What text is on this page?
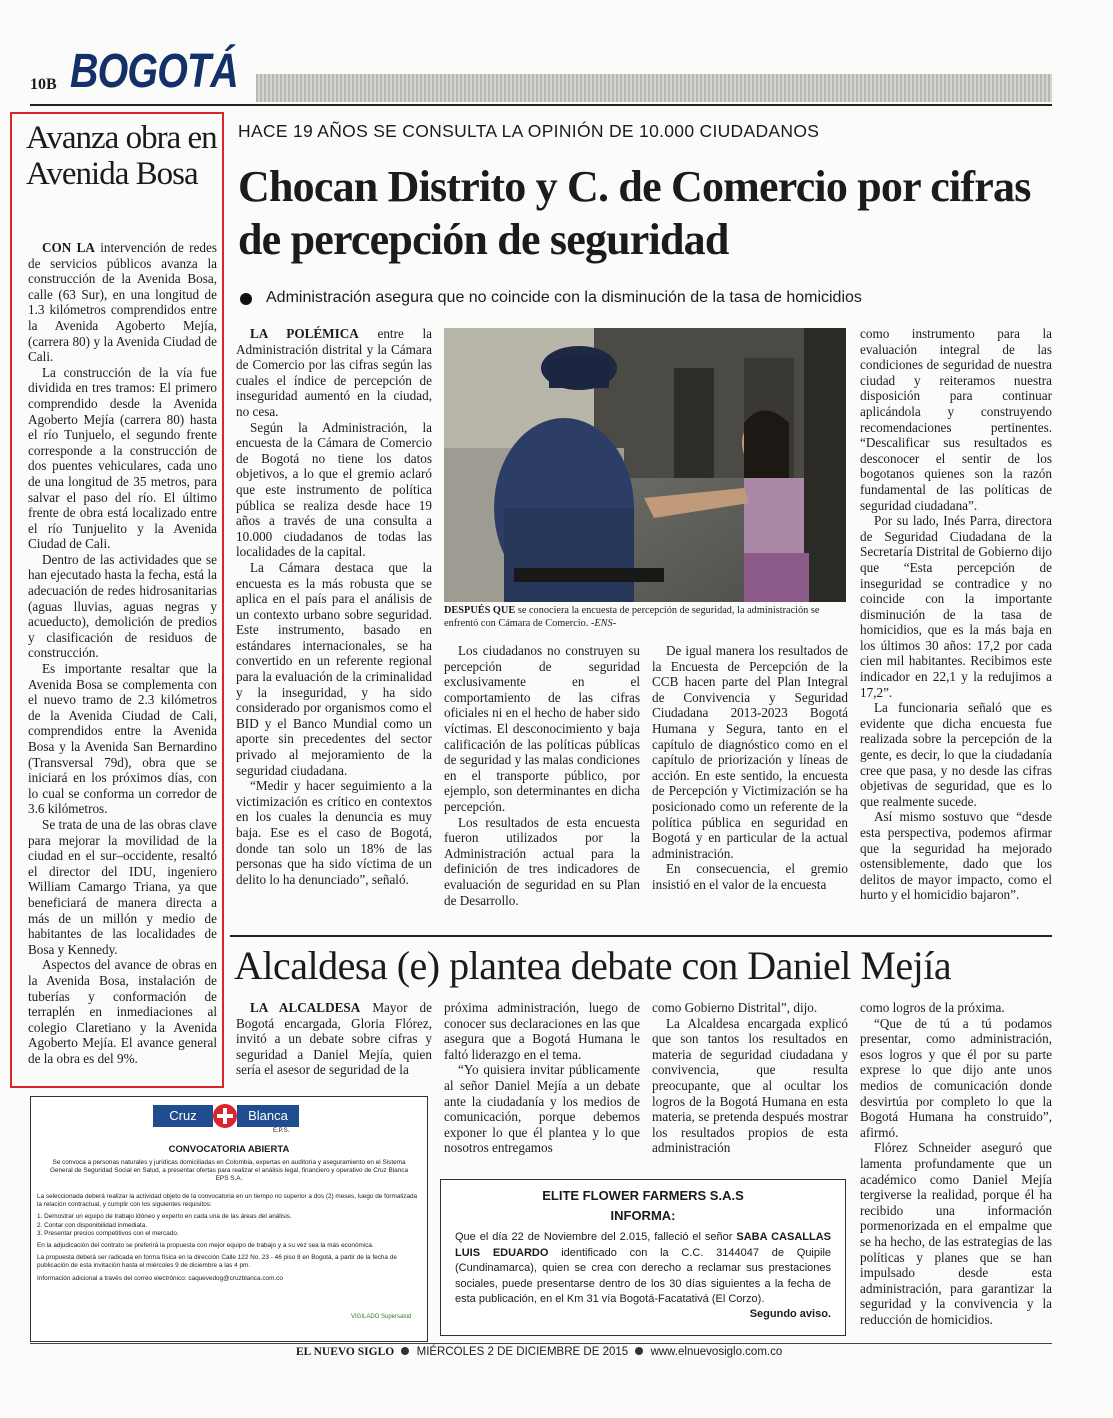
10B BOGOTÁ
Avanza obra en Avenida Bosa

CON LA intervención de redes de servicios públicos avanza la construcción de la Avenida Bosa, calle (63 Sur), en una longitud de 1.3 kilómetros comprendidos entre la Avenida Agoberto Mejía, (carrera 80) y la Avenida Ciudad de Cali.

La construcción de la vía fue dividida en tres tramos: El primero comprendido desde la Avenida Agoberto Mejía (carrera 80) hasta el río Tunjuelo, el segundo frente corresponde a la construcción de dos puentes vehiculares, cada uno de una longitud de 35 metros, para salvar el paso del río. El último frente de obra está localizado entre el río Tunjuelito y la Avenida Ciudad de Cali.

Dentro de las actividades que se han ejecutado hasta la fecha, está la adecuación de redes hidrosanitarias (aguas lluvias, aguas negras y acueducto), demolición de predios y clasificación de residuos de construcción.

Es importante resaltar que la Avenida Bosa se complementa con el nuevo tramo de 2.3 kilómetros de la Avenida Ciudad de Cali, comprendidos entre la Avenida Bosa y la Avenida San Bernardino (Transversal 79d), obra que se iniciará en los próximos días, con lo cual se conforma un corredor de 3.6 kilómetros.

Se trata de una de las obras clave para mejorar la movilidad de la ciudad en el sur–occidente, resaltó el director del IDU, ingeniero William Camargo Triana, ya que beneficiará de manera directa a más de un millón y medio de habitantes de las localidades de Bosa y Kennedy.

Aspectos del avance de obras en la Avenida Bosa, instalación de tuberías y conformación de terraplén en inmediaciones al colegio Claretiano y la Avenida Agoberto Mejía. El avance general de la obra es del 9%.

HACE 19 AÑOS SE CONSULTA LA OPINIÓN DE 10.000 CIUDADANOS
Chocan Distrito y C. de Comercio por cifras de percepción de seguridad
Administración asegura que no coincide con la disminución de la tasa de homicidios

LA POLÉMICA entre la Administración distrital y la Cámara de Comercio por las cifras según las cuales el índice de percepción de inseguridad aumentó en la ciudad, no cesa.

Según la Administración, la encuesta de la Cámara de Comercio de Bogotá no tiene los datos objetivos, a lo que el gremio aclaró que este instrumento de política pública se realiza desde hace 19 años a través de una consulta a 10.000 ciudadanos de todas las localidades de la capital.

La Cámara destaca que la encuesta es la más robusta que se aplica en el país para el análisis de un contexto urbano sobre seguridad. Este instrumento, basado en estándares internacionales, se ha convertido en un referente regional para la evaluación de la criminalidad y la inseguridad, y ha sido considerado por organismos como el BID y el Banco Mundial como un aporte sin precedentes del sector privado al mejoramiento de la seguridad ciudadana.

“Medir y hacer seguimiento a la victimización es crítico en contextos en los cuales la denuncia es muy baja. Ese es el caso de Bogotá, donde tan solo un 18% de las personas que ha sido víctima de un delito lo ha denunciado”, señaló.

DESPUÉS QUE se conociera la encuesta de percepción de seguridad, la administración se enfrentó con Cámara de Comercio. -ENS-

Los ciudadanos no construyen su percepción de seguridad exclusivamente en el comportamiento de las cifras oficiales ni en el hecho de haber sido víctimas. El desconocimiento y baja calificación de las políticas públicas de seguridad y las malas condiciones en el transporte público, por ejemplo, son determinantes en dicha percepción.

Los resultados de esta encuesta fueron utilizados por la Administración actual para la definición de tres indicadores de evaluación de seguridad en su Plan de Desarrollo.

De igual manera los resultados de la Encuesta de Percepción de la CCB hacen parte del Plan Integral de Convivencia y Seguridad Ciudadana 2013-2023 Bogotá Humana y Segura, tanto en el capítulo de diagnóstico como en el capítulo de priorización y líneas de acción. En este sentido, la encuesta de Percepción y Victimización se ha posicionado como un referente de la política pública en seguridad en Bogotá y en particular de la actual administración.

En consecuencia, el gremio insistió en el valor de la encuesta

como instrumento para la evaluación integral de las condiciones de seguridad de nuestra ciudad y reiteramos nuestra disposición para continuar aplicándola y construyendo recomendaciones pertinentes. “Descalificar sus resultados es desconocer el sentir de los bogotanos quienes son la razón fundamental de las políticas de seguridad ciudadana”.

Por su lado, Inés Parra, directora de Seguridad Ciudadana de la Secretaría Distrital de Gobierno dijo que “Esta percepción de inseguridad se contradice y no coincide con la importante disminución de la tasa de homicidios, que es la más baja en los últimos 30 años: 17,2 por cada cien mil habitantes. Recibimos este indicador en 22,1 y la redujimos a 17,2”.

La funcionaria señaló que es evidente que dicha encuesta fue realizada sobre la percepción de la gente, es decir, lo que la ciudadanía cree que pasa, y no desde las cifras objetivas de seguridad, que es lo que realmente sucede.

Así mismo sostuvo que “desde esta perspectiva, podemos afirmar que la seguridad ha mejorado ostensiblemente, dado que los delitos de mayor impacto, como el hurto y el homicidio bajaron”.

Alcaldesa (e) plantea debate con Daniel Mejía

LA ALCALDESA Mayor de Bogotá encargada, Gloria Flórez, invitó a un debate sobre cifras y seguridad a Daniel Mejía, quien sería el asesor de seguridad de la

próxima administración, luego de conocer sus declaraciones en las que asegura que a Bogotá Humana le faltó liderazgo en el tema.

“Yo quisiera invitar públicamente al señor Daniel Mejía a un debate ante la ciudadanía y los medios de comunicación, porque debemos exponer lo que él plantea y lo que nosotros entregamos

como Gobierno Distrital”, dijo.

La Alcaldesa encargada explicó que son tantos los resultados en materia de seguridad ciudadana y convivencia, que resulta preocupante, que al ocultar los logros de la Bogotá Humana en esta materia, se pretenda después mostrar los resultados propios de esta administración

como logros de la próxima.

“Que de tú a tú podamos presentar, como administración, esos logros y que él por su parte exprese lo que dijo ante unos medios de comunicación donde desvirtúa por completo lo que la Bogotá Humana ha construido”, afirmó.

Flórez Schneider aseguró que lamenta profundamente que un académico como Daniel Mejía tergiverse la realidad, porque él ha recibido una información pormenorizada en el empalme que se ha hecho, de las estrategias de las políticas y planes que se han impulsado desde esta administración, para garantizar la seguridad y la convivencia y la reducción de homicidios.

Cruz	Blanca
E.P.S.
CONVOCATORIA ABIERTA
Se convoca a personas naturales y jurídicas domiciliadas en Colombia, expertas en auditoría y aseguramiento en el Sistema General de Seguridad Social en Salud, a presentar ofertas para realizar el análisis legal, financiero y operativo de Cruz Blanca EPS S.A.
La seleccionada deberá realizar la actividad objeto de la convocatoria en un tiempo no superior a dos (2) meses, luego de formalizada la relación contractual, y cumplir con los siguientes requisitos:
1. Demostrar un equipo de trabajo idóneo y experto en cada una de las áreas del análisis.
2. Contar con disponibilidad inmediata.
3. Presentar precios competitivos con el mercado.
En la adjudicación del contrato se preferirá la propuesta con mejor equipo de trabajo y a su vez sea la más económica.
La propuesta deberá ser radicada en forma física en la dirección Calle 122 No. 23 - 46 piso 8 en Bogotá, a partir de la fecha de publicación de esta invitación hasta el miércoles 9 de diciembre a las 4 pm.
Información adicional a través del correo electrónico: caquevedog@cruzblanca.com.co
VIGILADO Supersalud
ELITE FLOWER FARMERS S.A.S
INFORMA:
Que el día 22 de Noviembre del 2.015, falleció el señor SABA CASALLAS LUIS EDUARDO identificado con la C.C. 3144047 de Quipile (Cundinamarca), quien se crea con derecho a reclamar sus prestaciones sociales, puede presentarse dentro de los 30 días siguientes a la fecha de esta publicación, en el Km 31 vía Bogotá-Facatativá (El Corzo).
Segundo aviso.
EL NUEVO SIGLO MIÉRCOLES 2 DE DICIEMBRE DE 2015 www.elnuevosiglo.com.co
